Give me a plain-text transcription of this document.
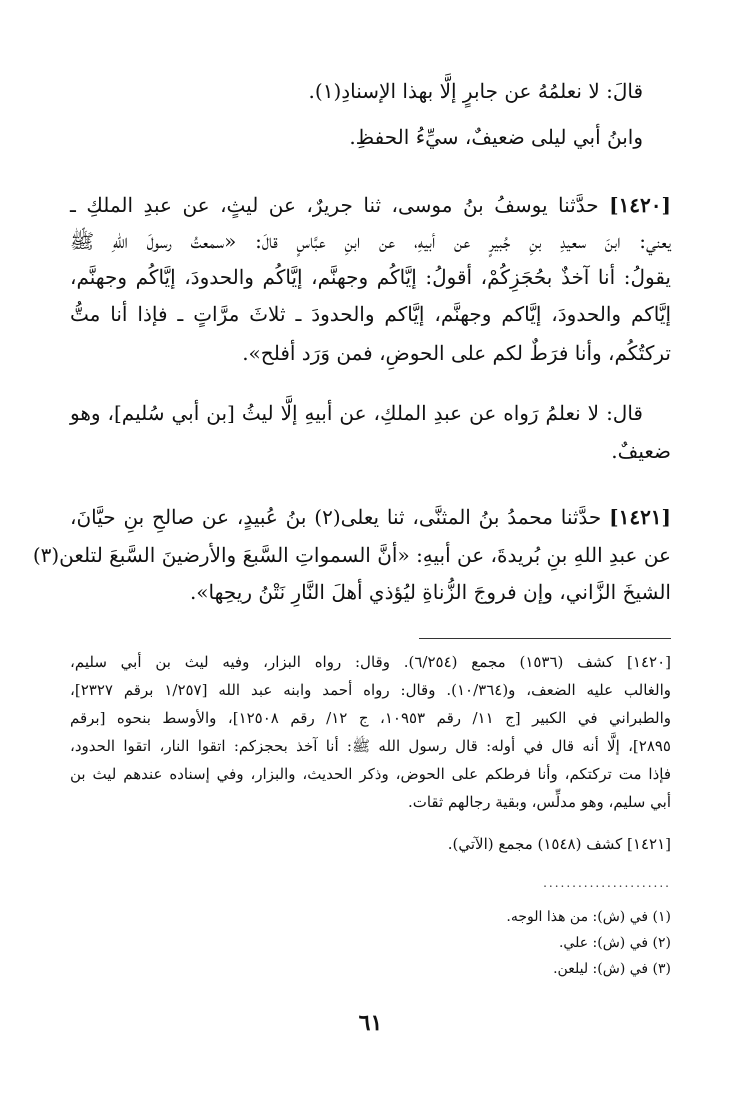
قالَ: لا نعلمُهُ عن جابرٍ إلَّا بهذا الإسنادِ(١).
وابنُ أبي ليلى ضعيفٌ، سيِّءُ الحفظِ.
[١٤٢٠] حدَّثنا يوسفُ بنُ موسى، ثنا جريرٌ، عن ليثٍ، عن عبدِ الملكِ ـ
يعني: ابنَ سعيدِ بنِ جُبيرٍ عن أبيهِ، عن ابنِ عبَّاسٍ قالَ: «سمعتُ رسولَ اللهِ ﷺ
يقولُ: أنا آخذٌ بحُجَزِكُمْ، أقولُ: إيَّاكُم وجهنَّم، إيَّاكُم والحدودَ، إيَّاكُم وجهنَّم،
إيَّاكم والحدودَ، إيَّاكم وجهنَّم، إيَّاكم والحدودَ ـ ثلاثَ مرَّاتٍ ـ فإذا أنا متُّ
تركتُكُم، وأنا فرَطٌ لكم على الحوضِ، فمن وَرَد أفلح».
قال: لا نعلمُ رَواه عن عبدِ الملكِ، عن أبيهِ إلَّا ليثُ [بن أبي سُليم]، وهو
ضعيفٌ.
[١٤٢١] حدَّثنا محمدُ بنُ المثنَّى، ثنا يعلى(٢) بنُ عُبيدٍ، عن صالحِ بنِ حيَّانَ،
عن عبدِ اللهِ بنِ بُريدةَ، عن أبيهِ: «أنَّ السمواتِ السَّبعَ والأرضينَ السَّبعَ لتلعن(٣)
الشيخَ الزَّاني، وإن فروجَ الزُّناةِ ليُؤذي أهلَ النَّارِ نَتْنُ ريحِها».
[١٤٢٠] كشف (١٥٣٦) مجمع (٦/٢٥٤). وقال: رواه البزار، وفيه ليث بن أبي سليم،
والغالب عليه الضعف، و(١٠/٣٦٤). وقال: رواه أحمد وابنه عبد الله [١/٢٥٧ برقم ٢٣٢٧]،
والطبراني في الكبير [ج ١١/ رقم ١٠٩٥٣، ج ١٢/ رقم ١٢٥٠٨]، والأوسط بنحوه [برقم
٢٨٩٥]، إلَّا أنه قال في أوله: قال رسول الله ﷺ: أنا آخذ بحجزكم: اتقوا النار، اتقوا الحدود،
فإذا مت تركتكم، وأنا فرطكم على الحوض، وذكر الحديث، والبزار، وفي إسناده عندهم ليث بن
أبي سليم، وهو مدلِّس، وبقية رجالهم ثقات.
[١٤٢١] كشف (١٥٤٨) مجمع (الآتي).
......................
(١) في (ش): من هذا الوجه.
(٢) في (ش): علي.
(٣) في (ش): ليلعن.
٦١
